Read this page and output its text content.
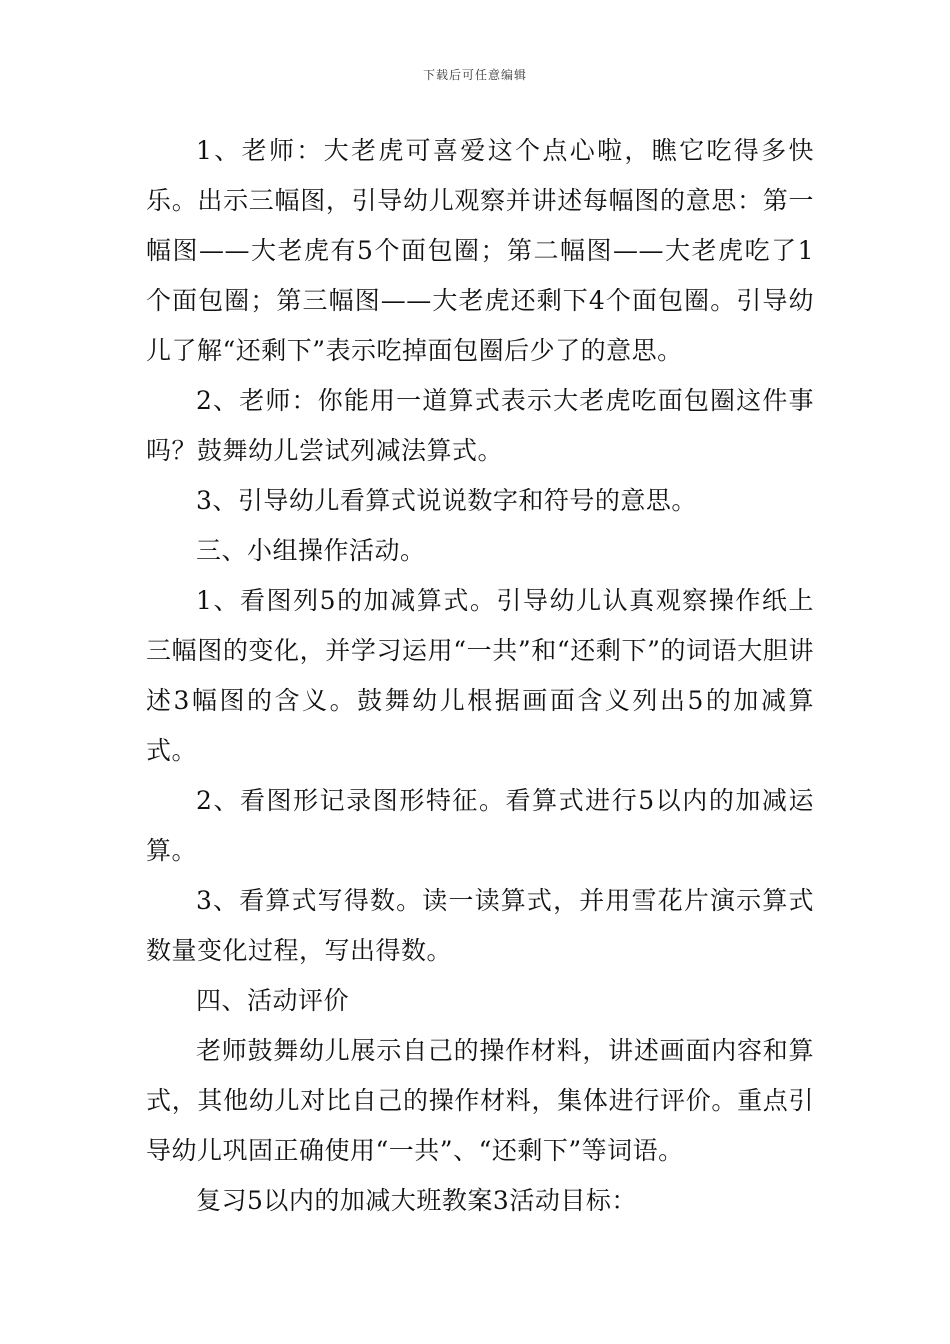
下载后可任意编辑

1、老师：大老虎可喜爱这个点心啦，瞧它吃得多快乐。出示三幅图，引导幼儿观察并讲述每幅图的意思：第一幅图——大老虎有5个面包圈；第二幅图——大老虎吃了1个面包圈；第三幅图——大老虎还剩下4个面包圈。引导幼儿了解“还剩下”表示吃掉面包圈后少了的意思。

2、老师：你能用一道算式表示大老虎吃面包圈这件事吗？鼓舞幼儿尝试列减法算式。

3、引导幼儿看算式说说数字和符号的意思。

三、小组操作活动。

1、看图列5的加减算式。引导幼儿认真观察操作纸上三幅图的变化，并学习运用“一共”和“还剩下”的词语大胆讲述3幅图的含义。鼓舞幼儿根据画面含义列出5的加减算式。

2、看图形记录图形特征。看算式进行5以内的加减运算。

3、看算式写得数。读一读算式，并用雪花片演示算式数量变化过程，写出得数。

四、活动评价

老师鼓舞幼儿展示自己的操作材料，讲述画面内容和算式，其他幼儿对比自己的操作材料，集体进行评价。重点引导幼儿巩固正确使用“一共”、“还剩下”等词语。

复习5以内的加减大班教案3活动目标：
